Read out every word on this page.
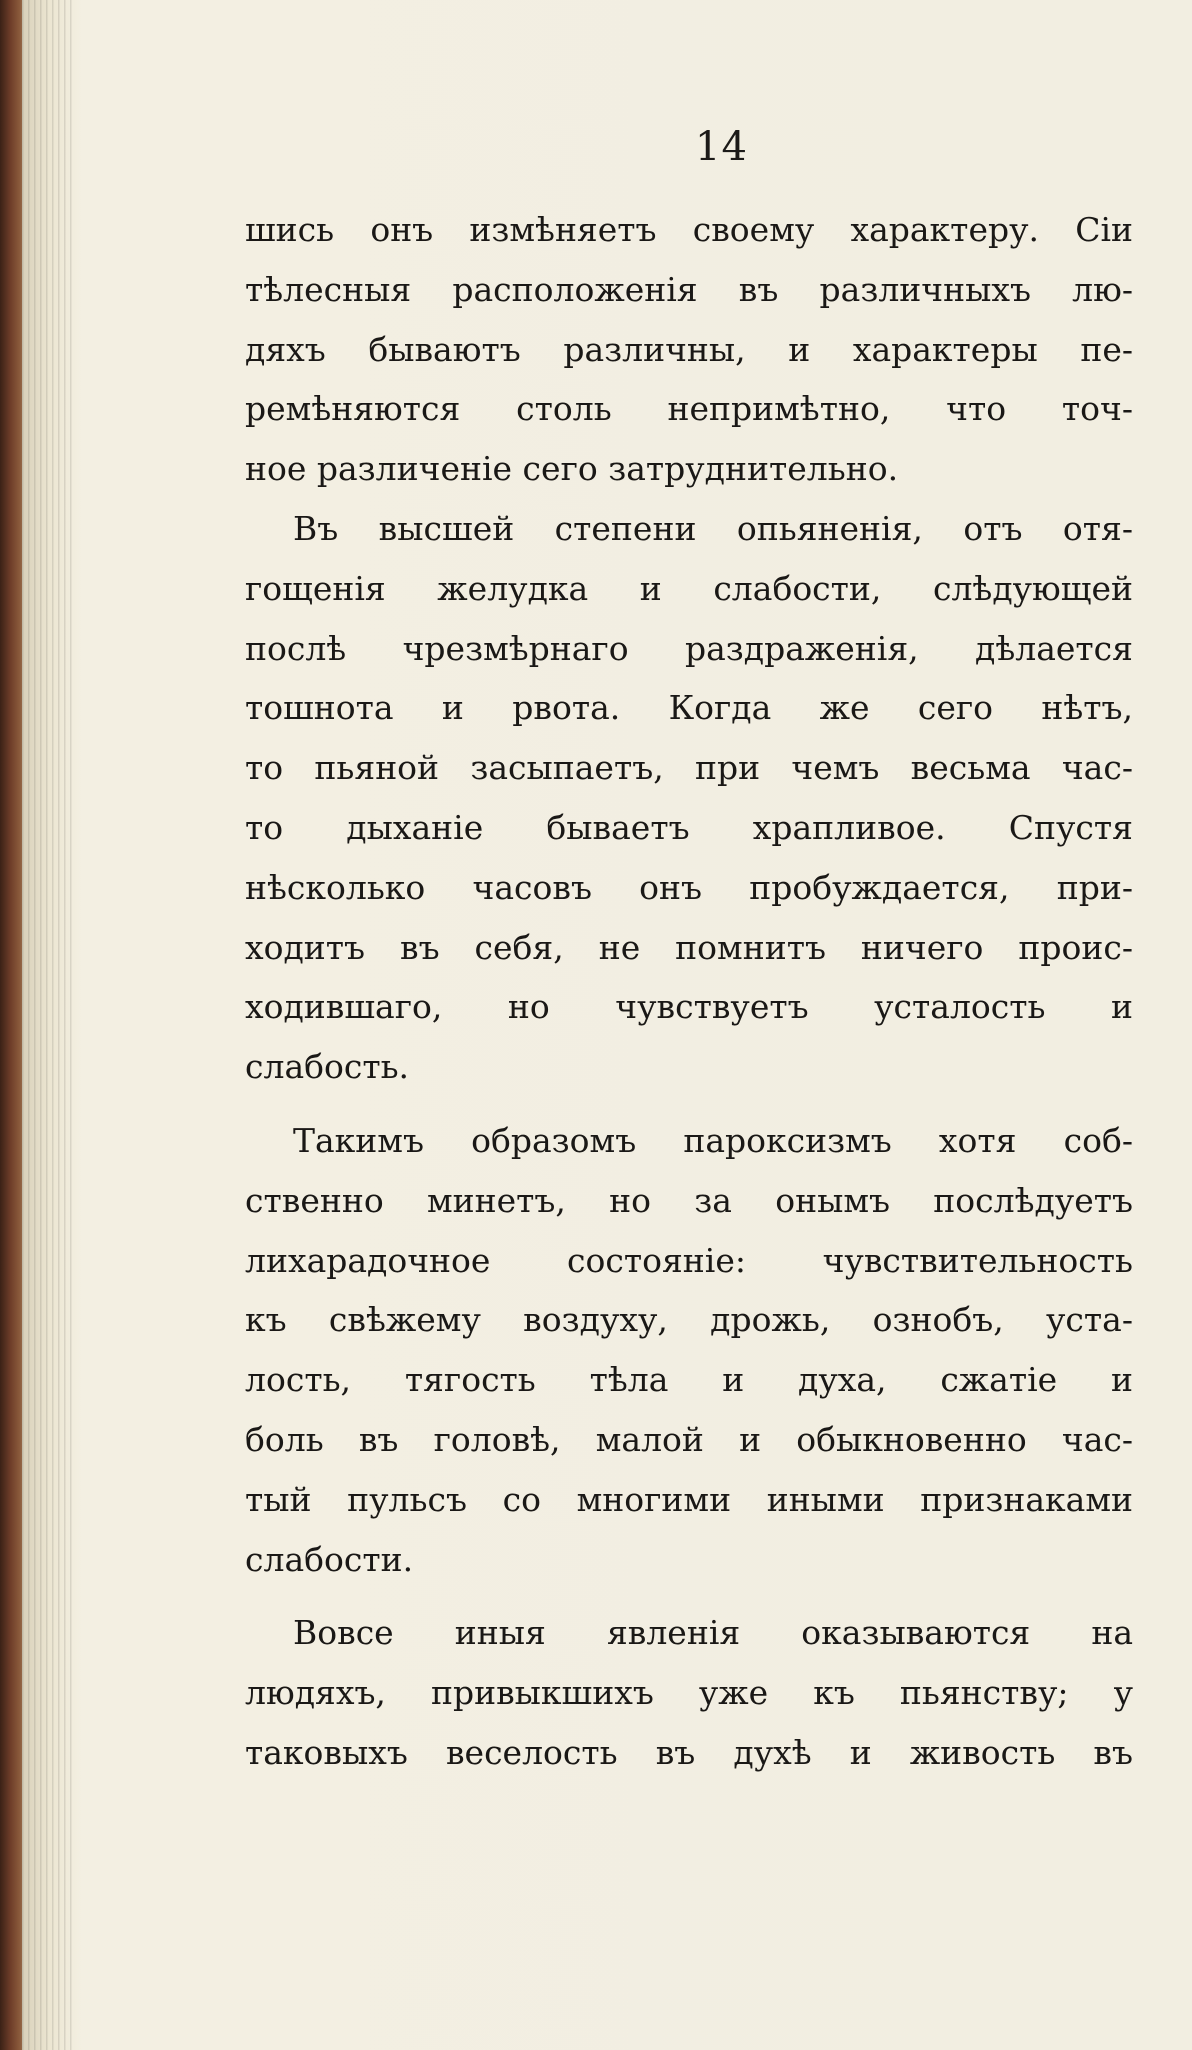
14
шись онъ измѣняетъ своему характеру. Сіи
тѣлесныя расположенія въ различныхъ лю-
дяхъ бываютъ различны, и характеры пе-
ремѣняются столь непримѣтно, что точ-
ное различеніе сего затруднительно.
Въ высшей степени опьяненія, отъ отя-
гощенія желудка и слабости, слѣдующей
послѣ чрезмѣрнаго раздраженія, дѣлается
тошнота и рвота. Когда же сего нѣтъ,
то пьяной засыпаетъ, при чемъ весьма час-
то дыханіе бываетъ храпливое. Спустя
нѣсколько часовъ онъ пробуждается, при-
ходитъ въ себя, не помнитъ ничего проис-
ходившаго, но чувствуетъ усталость и
слабость.
Такимъ образомъ пароксизмъ хотя соб-
ственно минетъ, но за онымъ послѣдуетъ
лихарадочное состояніе: чувствительность
къ свѣжему воздуху, дрожь, ознобъ, уста-
лость, тягость тѣла и духа, сжатіе и
боль въ головѣ, малой и обыкновенно час-
тый пульсъ со многими иными признаками
слабости.
Вовсе иныя явленія оказываются на
людяхъ, привыкшихъ уже къ пьянству; у
таковыхъ веселость въ духѣ и живость въ
